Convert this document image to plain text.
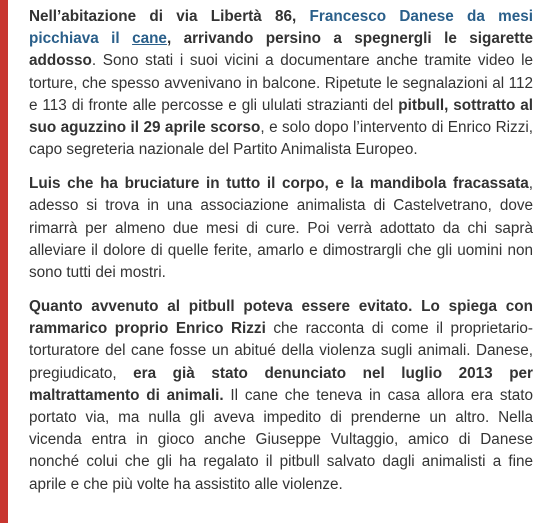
Nell’abitazione di via Libertà 86, Francesco Danese da mesi picchiava il cane, arrivando persino a spegnergli le sigarette addosso. Sono stati i suoi vicini a documentare anche tramite video le torture, che spesso avvenivano in balcone. Ripetute le segnalazioni al 112 e 113 di fronte alle percosse e gli ululati strazianti del pitbull, sottratto al suo aguzzino il 29 aprile scorso, e solo dopo l’intervento di Enrico Rizzi, capo segreteria nazionale del Partito Animalista Europeo.

Luis che ha bruciature in tutto il corpo, e la mandibola fracassata, adesso si trova in una associazione animalista di Castelvetrano, dove rimarrà per almeno due mesi di cure. Poi verrà adottato da chi saprà alleviare il dolore di quelle ferite, amarlo e dimostrargli che gli uomini non sono tutti dei mostri.

Quanto avvenuto al pitbull poteva essere evitato. Lo spiega con rammarico proprio Enrico Rizzi che racconta di come il proprietario-torturatore del cane fosse un abitué della violenza sugli animali. Danese, pregiudicato, era già stato denunciato nel luglio 2013 per maltrattamento di animali. Il cane che teneva in casa allora era stato portato via, ma nulla gli aveva impedito di prenderne un altro. Nella vicenda entra in gioco anche Giuseppe Vultaggio, amico di Danese nonché colui che gli ha regalato il pitbull salvato dagli animalisti a fine aprile e che più volte ha assistito alle violenze.
